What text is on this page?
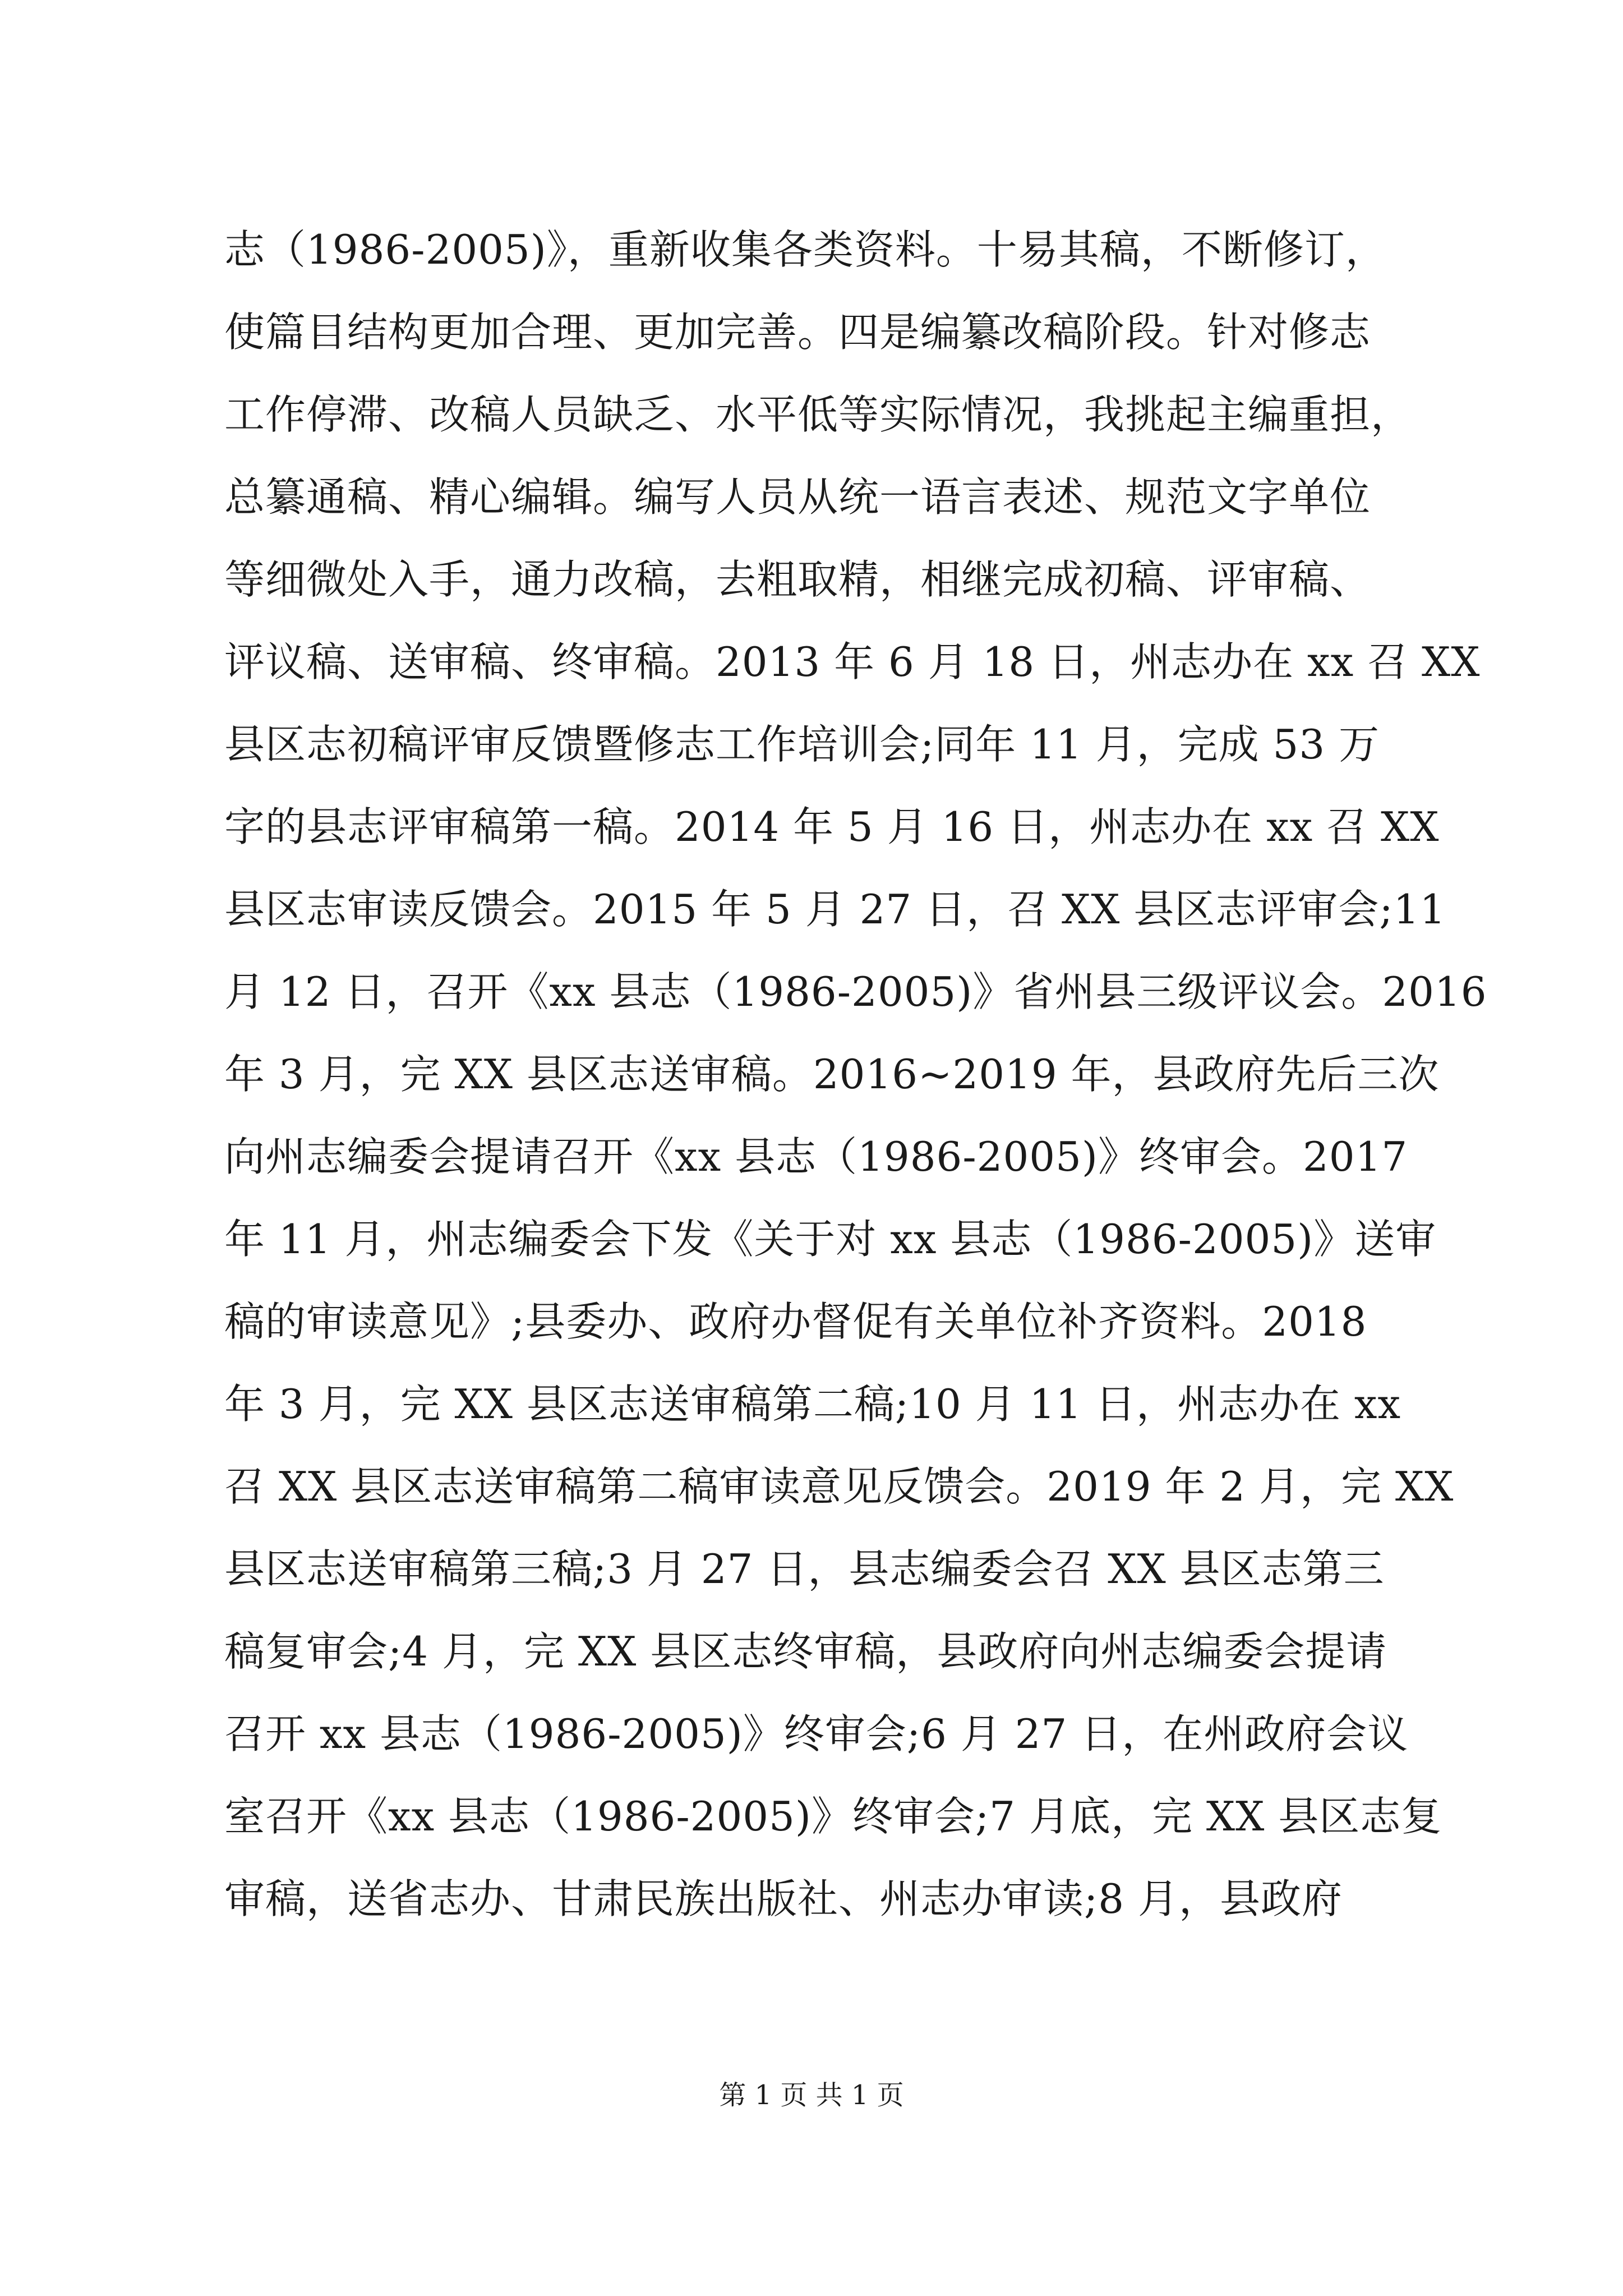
志（1986-2005)》，重新收集各类资料。十易其稿，不断修订，
使篇目结构更加合理、更加完善。四是编纂改稿阶段。针对修志
工作停滞、改稿人员缺乏、水平低等实际情况，我挑起主编重担，
总纂通稿、精心编辑。编写人员从统一语言表述、规范文字单位
等细微处入手，通力改稿，去粗取精，相继完成初稿、评审稿、
评议稿、送审稿、终审稿。2013 年 6 月 18 日，州志办在 xx 召 XX
县区志初稿评审反馈暨修志工作培训会;同年 11 月，完成 53 万
字的县志评审稿第一稿。2014 年 5 月 16 日，州志办在 xx 召 XX
县区志审读反馈会。2015 年 5 月 27 日，召 XX 县区志评审会;11
月 12 日，召开《xx 县志（1986-2005)》省州县三级评议会。2016
年 3 月，完 XX 县区志送审稿。2016~2019 年，县政府先后三次
向州志编委会提请召开《xx 县志（1986-2005)》终审会。2017
年 11 月，州志编委会下发《关于对 xx 县志（1986-2005)》送审
稿的审读意见》;县委办、政府办督促有关单位补齐资料。2018
年 3 月，完 XX 县区志送审稿第二稿;10 月 11 日，州志办在 xx
召 XX 县区志送审稿第二稿审读意见反馈会。2019 年 2 月，完 XX
县区志送审稿第三稿;3 月 27 日，县志编委会召 XX 县区志第三
稿复审会;4 月，完 XX 县区志终审稿，县政府向州志编委会提请
召开 xx 县志（1986-2005)》终审会;6 月 27 日，在州政府会议
室召开《xx 县志（1986-2005)》终审会;7 月底，完 XX 县区志复
审稿，送省志办、甘肃民族出版社、州志办审读;8 月，县政府
第 1 页 共 1 页
